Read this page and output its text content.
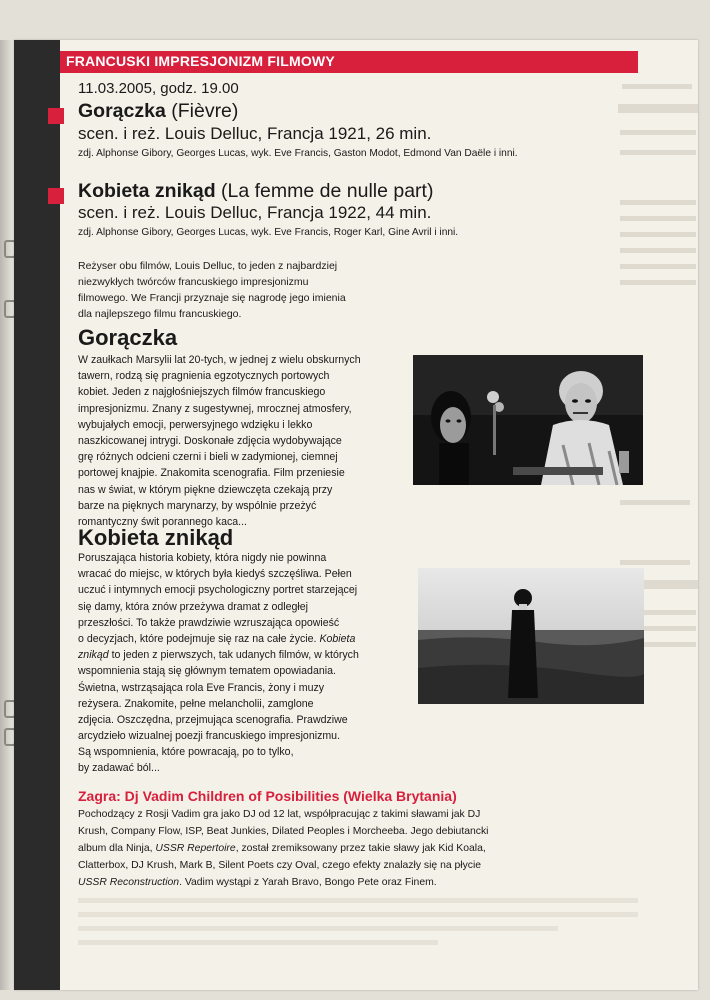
FRANCUSKI IMPRESJONIZM FILMOWY
11.03.2005, godz. 19.00
Gorączka (Fièvre)
scen. i reż. Louis Delluc, Francja 1921, 26 min.
zdj. Alphonse Gibory, Georges Lucas, wyk. Eve Francis, Gaston Modot, Edmond Van Daële i inni.
Kobieta znikąd (La femme de nulle part)
scen. i reż. Louis Delluc, Francja 1922, 44 min.
zdj. Alphonse Gibory, Georges Lucas, wyk. Eve Francis, Roger Karl, Gine Avril i inni.
Reżyser obu filmów, Louis Delluc, to jeden z najbardziej
niezwykłych twórców francuskiego impresjonizmu
filmowego. We Francji przyznaje się nagrodę jego imienia
dla najlepszego filmu francuskiego.
Gorączka
W zaułkach Marsylii lat 20-tych, w jednej z wielu obskurnych
tawern, rodzą się pragnienia egzotycznych portowych
kobiet. Jeden z najgłośniejszych filmów francuskiego
impresjonizmu. Znany z sugestywnej, mrocznej atmosfery,
wybujałych emocji, perwersyjnego wdzięku i lekko
naszkicowanej intrygi. Doskonałe zdjęcia wydobywające
grę różnych odcieni czerni i bieli w zadymionej, ciemnej
portowej knajpie. Znakomita scenografia. Film przeniesie
nas w świat, w którym piękne dziewczęta czekają przy
barze na pięknych marynarzy, by wspólnie przeżyć
romantyczny świt porannego kaca...
Kobieta znikąd
Poruszająca historia kobiety, która nigdy nie powinna
wracać do miejsc, w których była kiedyś szczęśliwa. Pełen
uczuć i intymnych emocji psychologiczny portret starzejącej
się damy, która znów przeżywa dramat z odległej
przeszłości. To także prawdziwie wzruszająca opowieść
o decyzjach, które podejmuje się raz na całe życie. Kobieta
znikąd to jeden z pierwszych, tak udanych filmów, w których
wspomnienia stają się głównym tematem opowiadania.
Świetna, wstrząsająca rola Eve Francis, żony i muzy
reżysera. Znakomite, pełne melancholii, zamglone
zdjęcia. Oszczędna, przejmująca scenografia. Prawdziwe
arcydzieło wizualnej poezji francuskiego impresjonizmu.
Są wspomnienia, które powracają, po to tylko,
by zadawać ból...
Zagra: Dj Vadim Children of Posibilities (Wielka Brytania)
Pochodzący z Rosji Vadim gra jako DJ od 12 lat, współpracując z takimi sławami jak DJ
Krush, Company Flow, ISP, Beat Junkies, Dilated Peoples i Morcheeba. Jego debiutancki
album dla Ninja, USSR Repertoire, został zremiksowany przez takie sławy jak Kid Koala,
Clatterbox, DJ Krush, Mark B, Silent Poets czy Oval, czego efekty znalazły się na płycie
USSR Reconstruction. Vadim wystąpi z Yarah Bravo, Bongo Pete oraz Finem.
